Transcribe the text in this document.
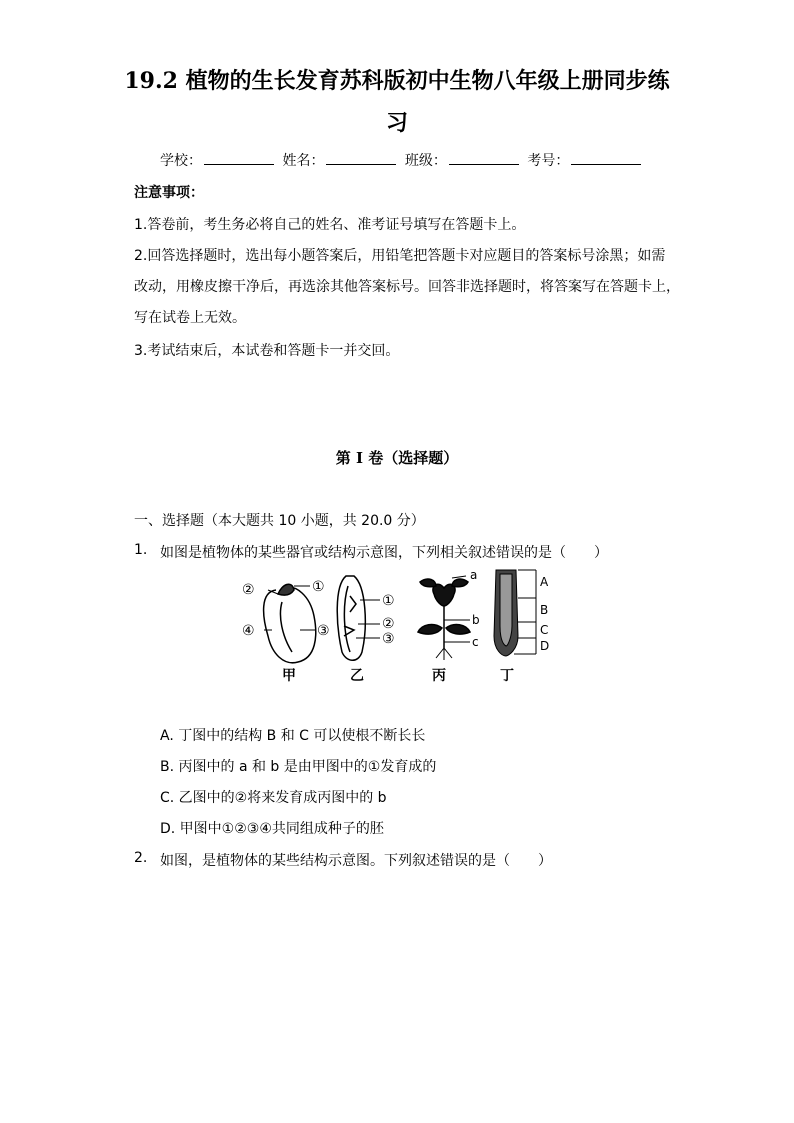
19.2 植物的生长发育苏科版初中生物八年级上册同步练
习
学校：	姓名：	班级：	考号：
注意事项：
1.答卷前，考生务必将自己的姓名、准考证号填写在答题卡上。
2.回答选择题时，选出每小题答案后，用铅笔把答题卡对应题目的答案标号涂黑；如需
改动，用橡皮擦干净后，再选涂其他答案标号。回答非选择题时，将答案写在答题卡上，
写在试卷上无效。
3.考试结束后，本试卷和答题卡一并交回。
第 I 卷（选择题）
一、选择题（本大题共 10 小题，共 20.0 分）
1. 如图是植物体的某些器官或结构示意图，下列相关叙述错误的是（　　）
②	①
④	③
①
②
③
a
b
c
A
B
C
D
甲	乙	丙	丁
A. 丁图中的结构 B 和 C 可以使根不断长长
B. 丙图中的 a 和 b 是由甲图中的①发育成的
C. 乙图中的②将来发育成丙图中的 b
D. 甲图中①②③④共同组成种子的胚
2. 如图，是植物体的某些结构示意图。下列叙述错误的是（　　）
